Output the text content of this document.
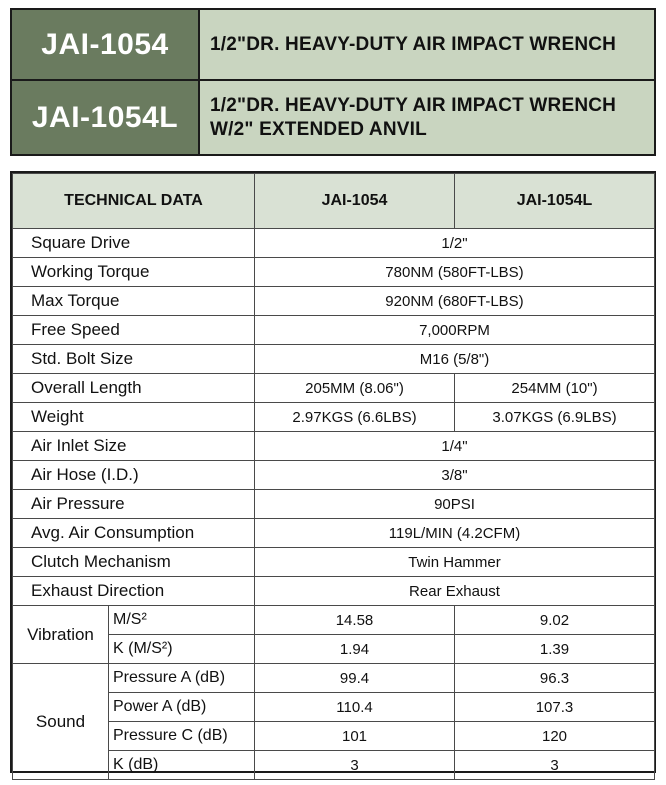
JAI-1054	1/2"DR. HEAVY-DUTY AIR IMPACT WRENCH
JAI-1054L	1/2"DR. HEAVY-DUTY AIR IMPACT WRENCH
W/2" EXTENDED ANVIL
TECHNICAL DATA		JAI-1054	JAI-1054L
Square Drive		1/2"	
Working Torque		780NM (580FT-LBS)	
Max Torque		920NM (680FT-LBS)	
Free Speed		7,000RPM	
Std. Bolt Size		M16 (5/8")	
Overall Length		205MM (8.06")	254MM (10")
Weight		2.97KGS (6.6LBS)	3.07KGS (6.9LBS)
Air Inlet Size		1/4"	
Air Hose (I.D.)		3/8"	
Air Pressure		90PSI	
Avg. Air Consumption		119L/MIN (4.2CFM)	
Clutch Mechanism		Twin Hammer	
Exhaust Direction		Rear Exhaust	
Vibration	M/S²	14.58	9.02
	K (M/S²)	1.94	1.39
Sound	Pressure A (dB)	99.4	96.3
	Power A (dB)	110.4	107.3
	Pressure C (dB)	101	120
	K (dB)	3	3
